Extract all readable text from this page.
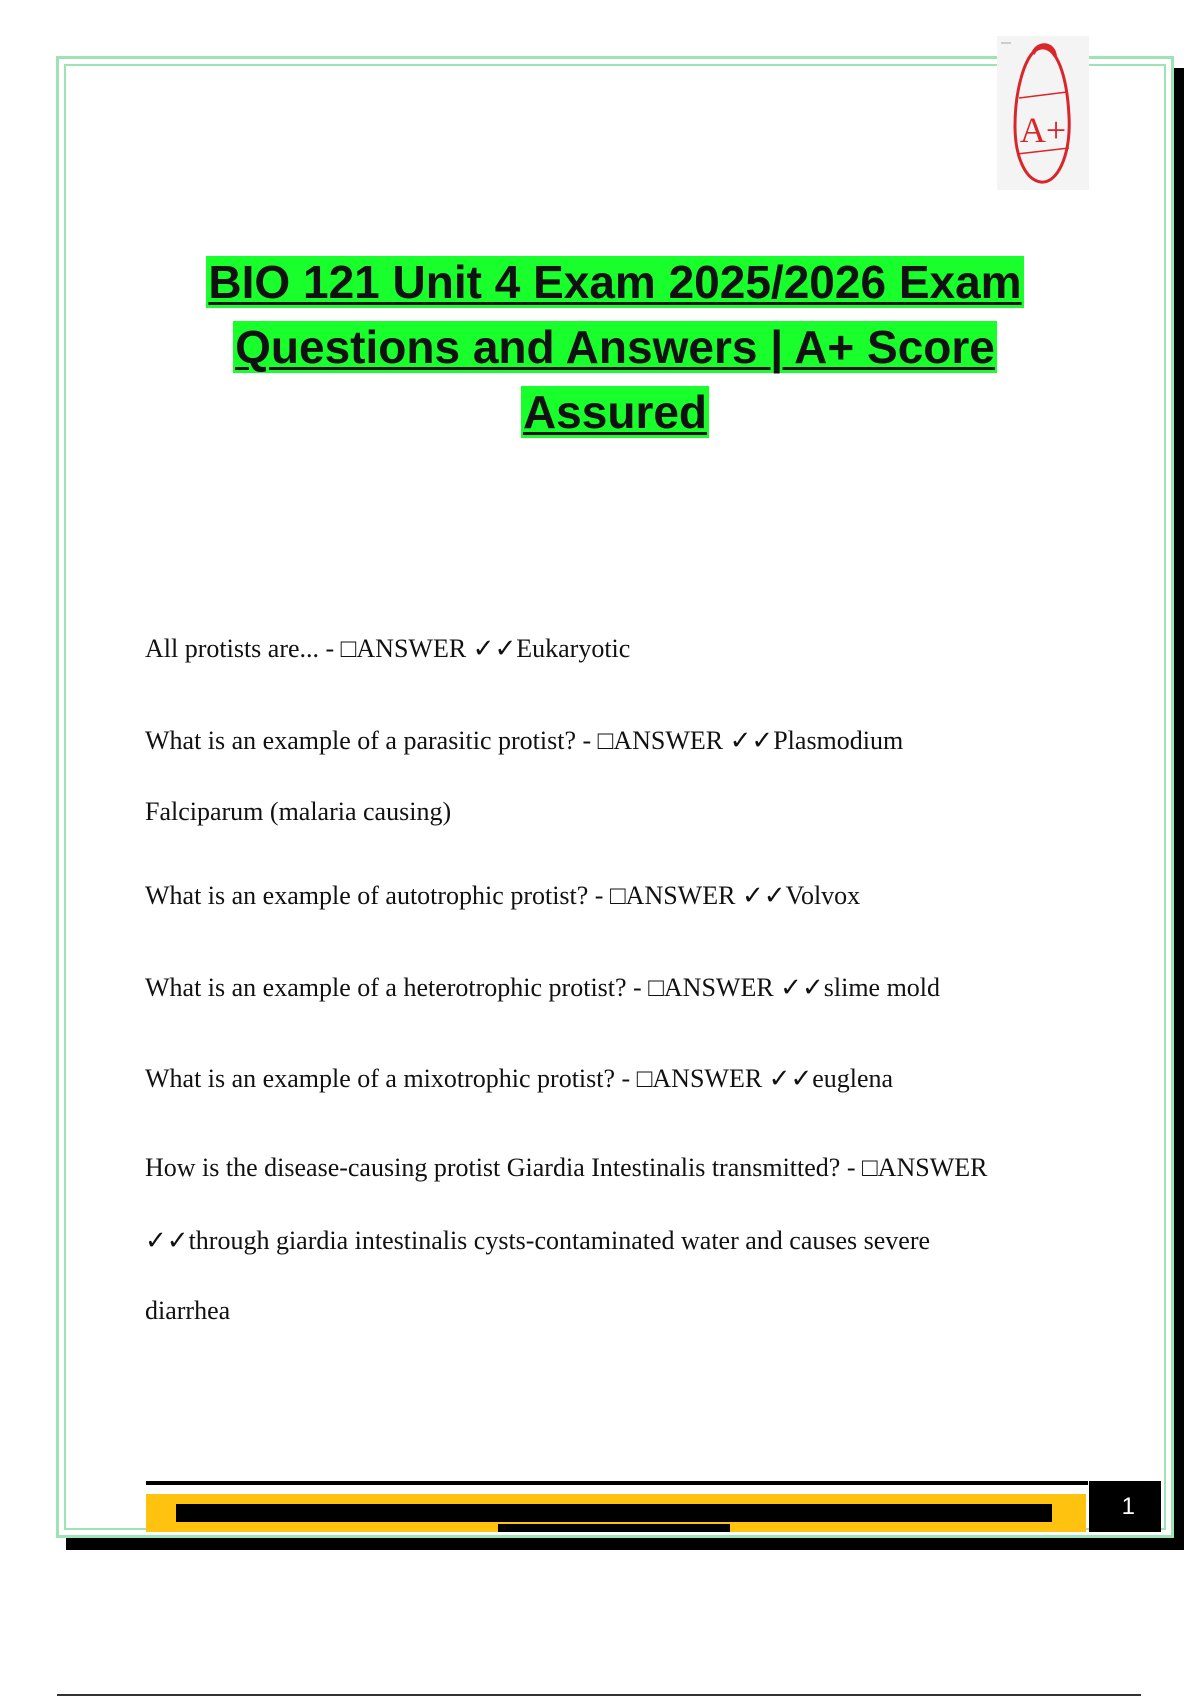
A+
BIO 121 Unit 4 Exam 2025/2026 Exam
Questions and Answers | A+ Score
Assured
All protists are... - □ANSWER ✓✓Eukaryotic
What is an example of a parasitic protist? - □ANSWER ✓✓Plasmodium
Falciparum (malaria causing)
What is an example of autotrophic protist? - □ANSWER ✓✓Volvox
What is an example of a heterotrophic protist? - □ANSWER ✓✓slime mold
What is an example of a mixotrophic protist? - □ANSWER ✓✓euglena
How is the disease-causing protist Giardia Intestinalis transmitted? - □ANSWER
✓✓through giardia intestinalis cysts-contaminated water and causes severe
diarrhea
1
